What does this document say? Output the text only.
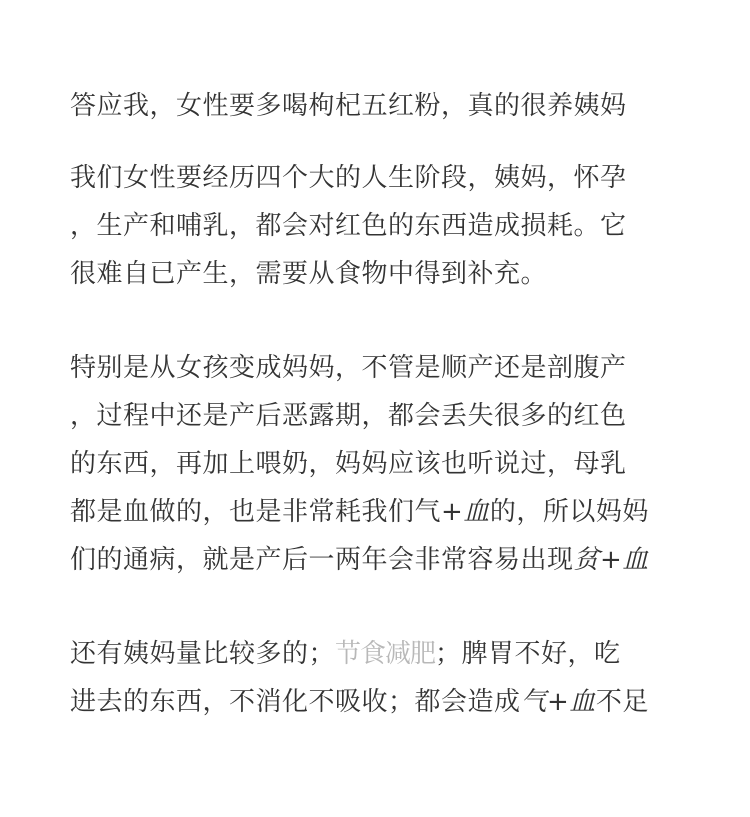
答应我，女性要多喝枸杞五红粉，真的很养姨妈
我们女性要经历四个大的人生阶段，姨妈，怀孕
，生产和哺乳，都会对红色的东西造成损耗。它
很难自已产生，需要从食物中得到补充。
特别是从女孩变成妈妈，不管是顺产还是剖腹产
，过程中还是产后恶露期，都会丢失很多的红色
的东西，再加上喂奶，妈妈应该也听说过，母乳
都是血做的，也是非常耗我们气+血的，所以妈妈
们的通病，就是产后一两年会非常容易出现贫+血
还有姨妈量比较多的；节食减肥；脾胃不好，吃
进去的东西，不消化不吸收；都会造成气+血不足
